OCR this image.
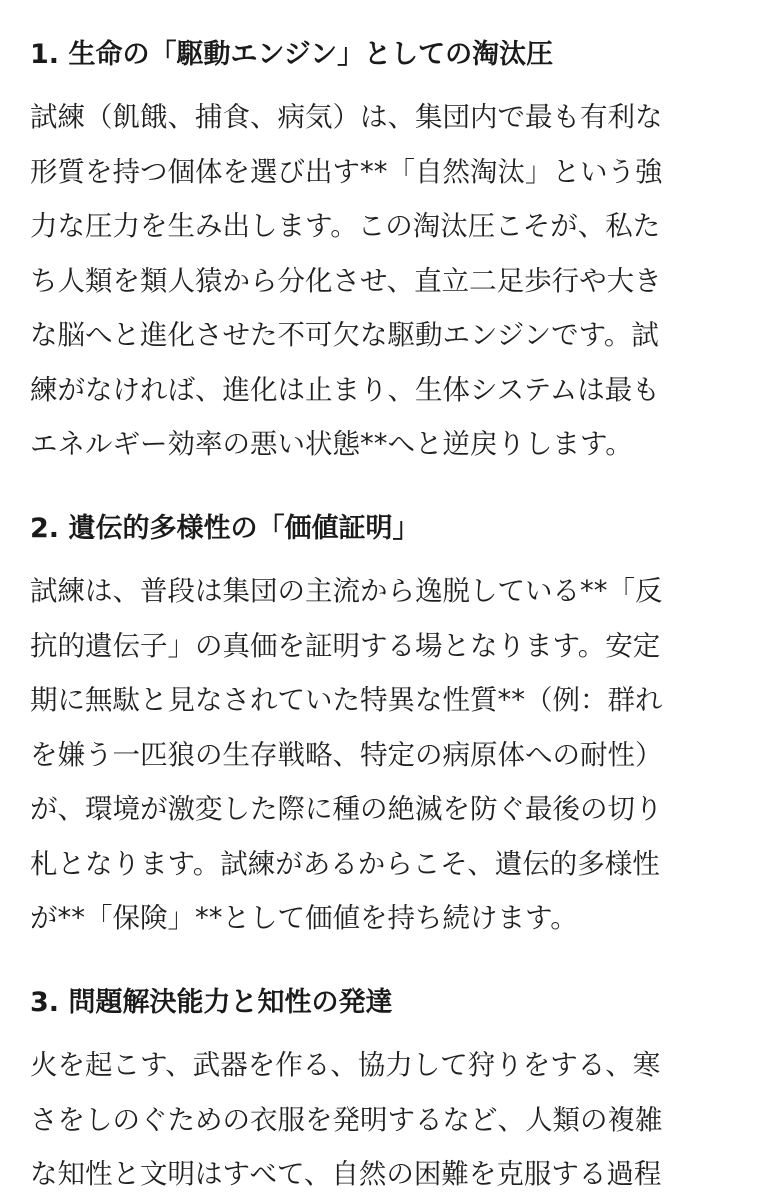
1. 生命の「駆動エンジン」としての淘汰圧
試練（飢餓、捕食、病気）は、集団内で最も有利な
形質を持つ個体を選び出す**「自然淘汰」という強
力な圧力を生み出します。この淘汰圧こそが、私た
ち人類を類人猿から分化させ、直立二足歩行や大き
な脳へと進化させた不可欠な駆動エンジンです。試
練がなければ、進化は止まり、生体システムは最も
エネルギー効率の悪い状態**へと逆戻りします。
2. 遺伝的多様性の「価値証明」
試練は、普段は集団の主流から逸脱している**「反
抗的遺伝子」の真価を証明する場となります。安定
期に無駄と見なされていた特異な性質**（例：群れ
を嫌う一匹狼の生存戦略、特定の病原体への耐性）
が、環境が激変した際に種の絶滅を防ぐ最後の切り
札となります。試練があるからこそ、遺伝的多様性
が**「保険」**として価値を持ち続けます。
3. 問題解決能力と知性の発達
火を起こす、武器を作る、協力して狩りをする、寒
さをしのぐための衣服を発明するなど、人類の複雑
な知性と文明はすべて、自然の困難を克服する過程
